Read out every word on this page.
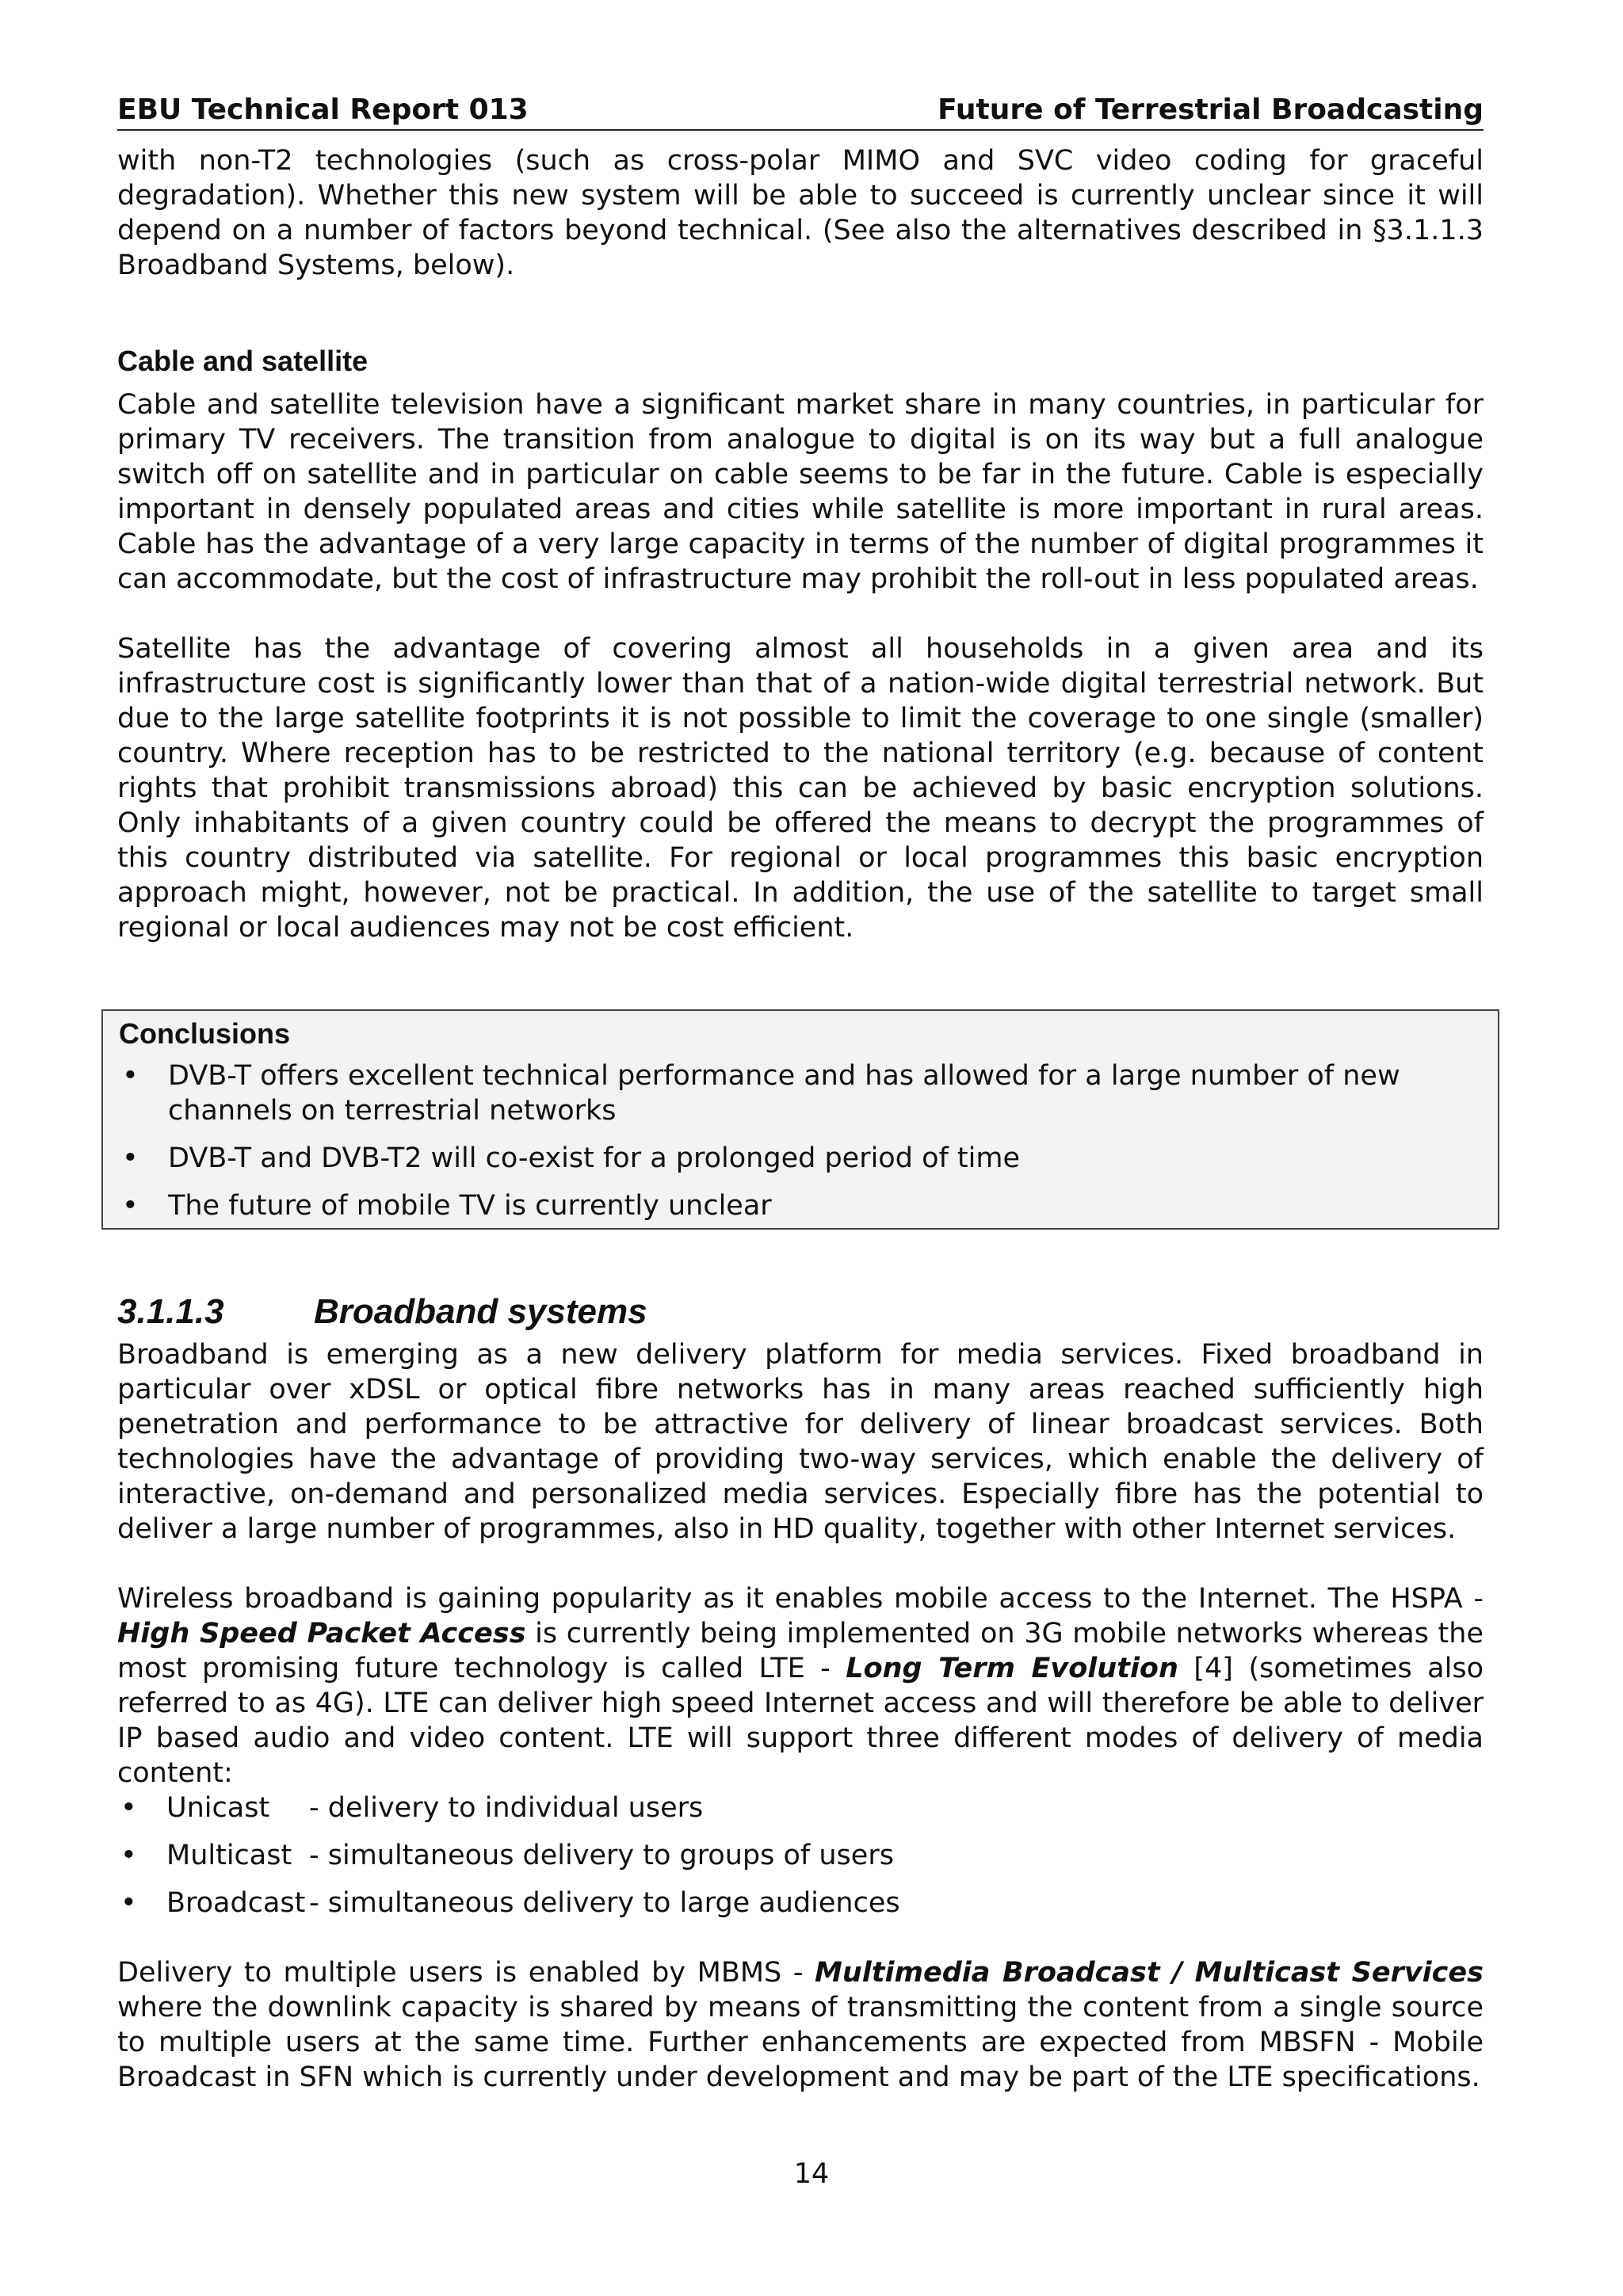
EBU Technical Report 013	Future of Terrestrial Broadcasting

with non-T2 technologies (such as cross-polar MIMO and SVC video coding for graceful degradation). Whether this new system will be able to succeed is currently unclear since it will depend on a number of factors beyond technical. (See also the alternatives described in §3.1.1.3 Broadband Systems, below).

Cable and satellite

Cable and satellite television have a significant market share in many countries, in particular for primary TV receivers. The transition from analogue to digital is on its way but a full analogue switch off on satellite and in particular on cable seems to be far in the future. Cable is especially important in densely populated areas and cities while satellite is more important in rural areas. Cable has the advantage of a very large capacity in terms of the number of digital programmes it can accommodate, but the cost of infrastructure may prohibit the roll-out in less populated areas.

Satellite has the advantage of covering almost all households in a given area and its infrastructure cost is significantly lower than that of a nation-wide digital terrestrial network. But due to the large satellite footprints it is not possible to limit the coverage to one single (smaller) country. Where reception has to be restricted to the national territory (e.g. because of content rights that prohibit transmissions abroad) this can be achieved by basic encryption solutions. Only inhabitants of a given country could be offered the means to decrypt the programmes of this country distributed via satellite. For regional or local programmes this basic encryption approach might, however, not be practical. In addition, the use of the satellite to target small regional or local audiences may not be cost efficient.

Conclusions

• DVB-T offers excellent technical performance and has allowed for a large number of new channels on terrestrial networks
• DVB-T and DVB-T2 will co-exist for a prolonged period of time
• The future of mobile TV is currently unclear
3.1.1.3	Broadband systems

Broadband is emerging as a new delivery platform for media services. Fixed broadband in particular over xDSL or optical fibre networks has in many areas reached sufficiently high penetration and performance to be attractive for delivery of linear broadcast services. Both technologies have the advantage of providing two-way services, which enable the delivery of interactive, on-demand and personalized media services. Especially fibre has the potential to deliver a large number of programmes, also in HD quality, together with other Internet services.

Wireless broadband is gaining popularity as it enables mobile access to the Internet. The HSPA - High Speed Packet Access is currently being implemented on 3G mobile networks whereas the most promising future technology is called LTE - Long Term Evolution [4] (sometimes also referred to as 4G). LTE can deliver high speed Internet access and will therefore be able to deliver IP based audio and video content. LTE will support three different modes of delivery of media content:

• Unicast - delivery to individual users
• Multicast - simultaneous delivery to groups of users
• Broadcast - simultaneous delivery to large audiences

Delivery to multiple users is enabled by MBMS - Multimedia Broadcast / Multicast Services where the downlink capacity is shared by means of transmitting the content from a single source to multiple users at the same time. Further enhancements are expected from MBSFN - Mobile Broadcast in SFN which is currently under development and may be part of the LTE specifications.

14
